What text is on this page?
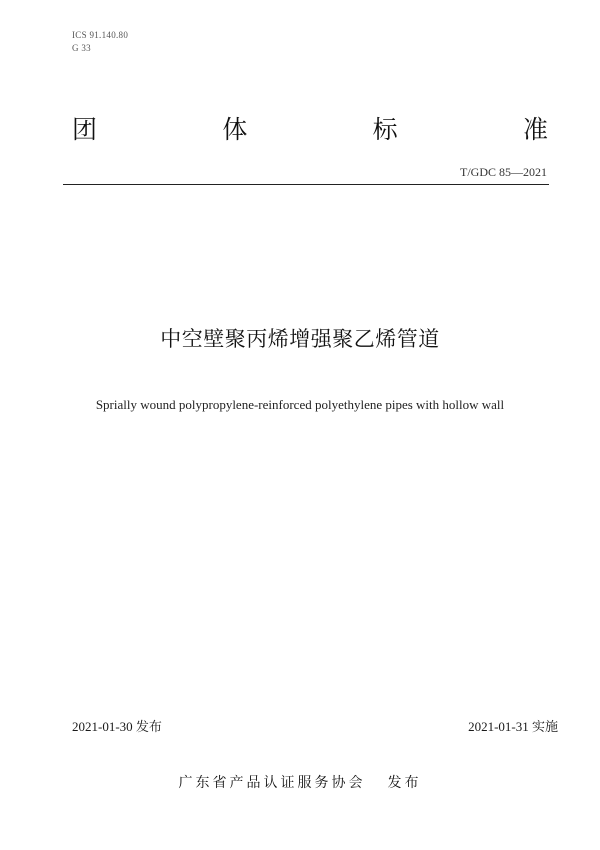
ICS 91.140.80
G 33
团	体	标	准
T/GDC 85—2021
中空壁聚丙烯增强聚乙烯管道
Sprially wound polypropylene-reinforced polyethylene pipes with hollow wall
2021-01-30 发布	2021-01-31 实施
广东省产品认证服务协会 发布
